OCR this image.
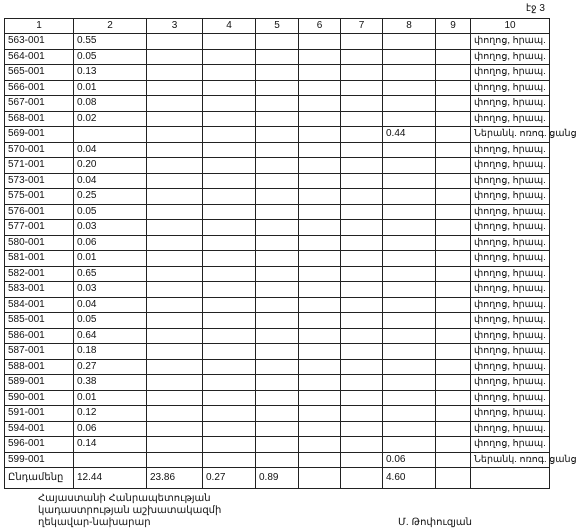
էջ 3
1	2	3	4	5	6	7	8	9	10
563-001	0.55								փողոց, հրապ.
564-001	0.05								փողոց, հրապ.
565-001	0.13								փողոց, հրապ.
566-001	0.01								փողոց, հրապ.
567-001	0.08								փողոց, հրապ.
568-001	0.02								փողոց, հրապ.
569-001							0.44		Ներանկ. ոռոգ. ցանց
570-001	0.04								փողոց, հրապ.
571-001	0.20								փողոց, հրապ.
573-001	0.04								փողոց, հրապ.
575-001	0.25								փողոց, հրապ.
576-001	0.05								փողոց, հրապ.
577-001	0.03								փողոց, հրապ.
580-001	0.06								փողոց, հրապ.
581-001	0.01								փողոց, հրապ.
582-001	0.65								փողոց, հրապ.
583-001	0.03								փողոց, հրապ.
584-001	0.04								փողոց, հրապ.
585-001	0.05								փողոց, հրապ.
586-001	0.64								փողոց, հրապ.
587-001	0.18								փողոց, հրապ.
588-001	0.27								փողոց, հրապ.
589-001	0.38								փողոց, հրապ.
590-001	0.01								փողոց, հրապ.
591-001	0.12								փողոց, հրապ.
594-001	0.06								փողոց, հրապ.
596-001	0.14								փողոց, հրապ.
599-001							0.06		Ներանկ. ոռոգ. ցանց
Ընդամենը	12.44	23.86	0.27	0.89			4.60		
Հայաստանի Հանրապետության
կադաստրության աշխատակազմի
ղեկավար-նախարար	Մ. Թոփուզյան
